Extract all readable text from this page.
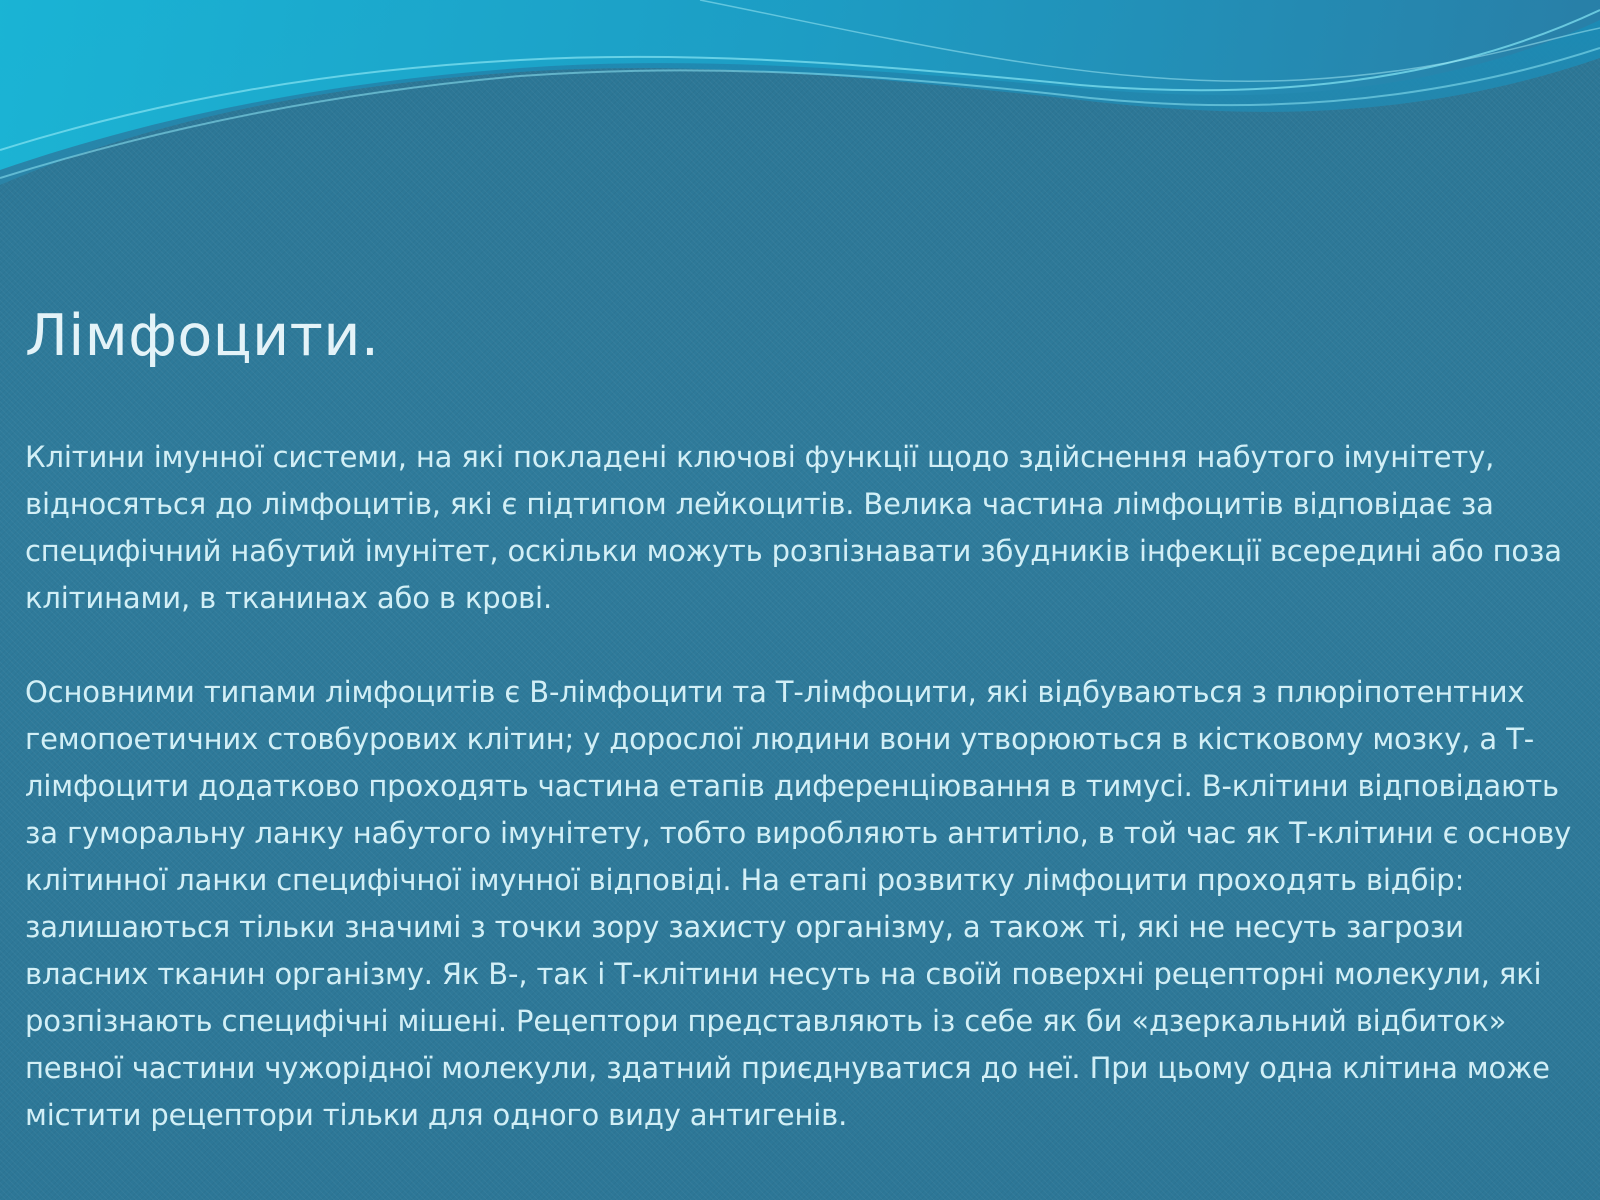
Лімфоцити.

Клітини імунної системи, на які покладені ключові функції щодо здійснення набутого імунітету, відносяться до лімфоцитів, які є підтипом лейкоцитів. Велика частина лімфоцитів відповідає за специфічний набутий імунітет, оскільки можуть розпізнавати збудників інфекції всередині або поза клітинами, в тканинах або в крові.

Основними типами лімфоцитів є В-лімфоцити та Т-лімфоцити, які відбуваються з плюріпотентних гемопоетичних стовбурових клітин; у дорослої людини вони утворюються в кістковому мозку, а Т-лімфоцити додатково проходять частина етапів диференціювання в тимусі. В-клітини відповідають за гуморальну ланку набутого імунітету, тобто виробляють антитіло, в той час як Т-клітини є основу клітинної ланки специфічної імунної відповіді. На етапі розвитку лімфоцити проходять відбір: залишаються тільки значимі з точки зору захисту організму, а також ті, які не несуть загрози власних тканин організму. Як В-, так і Т-клітини несуть на своїй поверхні рецепторні молекули, які розпізнають специфічні мішені. Рецептори представляють із себе як би «дзеркальний відбиток» певної частини чужорідної молекули, здатний приєднуватися до неї. При цьому одна клітина може містити рецептори тільки для одного виду антигенів.
